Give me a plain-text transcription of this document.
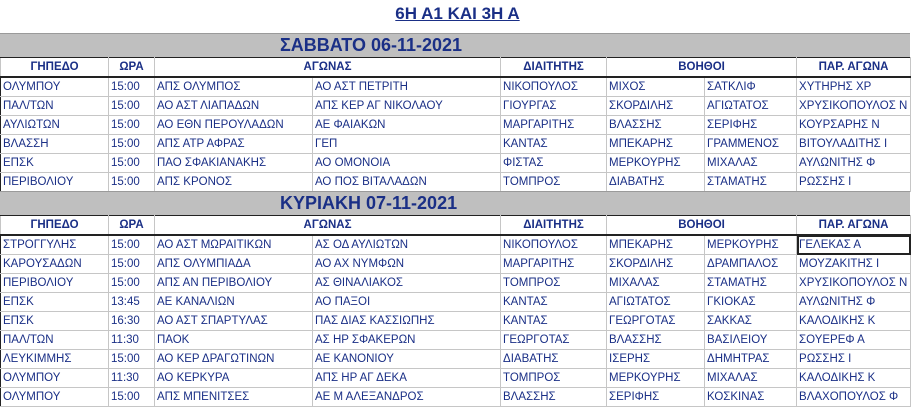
6Η Α1 ΚΑΙ 3Η Α
ΣΑΒΒΑΤΟ 06-11-2021
ΓΗΠΕΔΟ	ΩΡΑ	ΑΓΩΝΑΣ		ΔΙΑΙΤΗΤΗΣ	ΒΟΗΘΟΙ		ΠΑΡ. ΑΓΩΝΑ
ΟΛΥΜΠΟΥ	15:00	ΑΠΣ ΟΛΥΜΠΟΣ	ΑΟ ΑΣΤ ΠΕΤΡΙΤΗ	ΝΙΚΟΠΟΥΛΟΣ	ΜΙΧΟΣ	ΣΑΤΚΛΙΦ	ΧΥΤΗΡΗΣ ΧΡ
ΠΑΛ/ΤΩΝ	15:00	ΑΟ ΑΣΤ ΛΙΑΠΑΔΩΝ	ΑΠΣ ΚΕΡ ΑΓ ΝΙΚΟΛΑΟΥ	ΓΙΟΥΡΓΑΣ	ΣΚΟΡΔΙΛΗΣ	ΑΓΙΩΤΑΤΟΣ	ΧΡΥΣΙΚΟΠΟΥΛΟΣ Ν
ΑΥΛΙΩΤΩΝ	15:00	ΑΟ ΕΘΝ ΠΕΡΟΥΛΑΔΩΝ	ΑΕ ΦΑΙΑΚΩΝ	ΜΑΡΓΑΡΙΤΗΣ	ΒΛΑΣΣΗΣ	ΣΕΡΙΦΗΣ	ΚΟΥΡΣΑΡΗΣ Ν
ΒΛΑΣΣΗ	15:00	ΑΠΣ ΑΤΡ ΑΦΡΑΣ	ΓΕΠ	ΚΑΝΤΑΣ	ΜΠΕΚΑΡΗΣ	ΓΡΑΜΜΕΝΟΣ	ΒΙΤΟΥΛΑΔΙΤΗΣ Ι
ΕΠΣΚ	15:00	ΠΑΟ ΣΦΑΚΙΑΝΑΚΗΣ	ΑΟ ΟΜΟΝΟΙΑ	ΦΙΣΤΑΣ	ΜΕΡΚΟΥΡΗΣ	ΜΙΧΑΛΑΣ	ΑΥΛΩΝΙΤΗΣ Φ
ΠΕΡΙΒΟΛΙΟΥ	15:00	ΑΠΣ ΚΡΟΝΟΣ	ΑΟ ΠΟΣ ΒΙΤΑΛΑΔΩΝ	ΤΟΜΠΡΟΣ	ΔΙΑΒΑΤΗΣ	ΣΤΑΜΑΤΗΣ	ΡΩΣΣΗΣ Ι
ΚΥΡΙΑΚΗ 07-11-2021
ΓΗΠΕΔΟ	ΩΡΑ	ΑΓΩΝΑΣ		ΔΙΑΙΤΗΤΗΣ	ΒΟΗΘΟΙ		ΠΑΡ. ΑΓΩΝΑ
ΣΤΡΟΓΓΥΛΗΣ	15:00	ΑΟ ΑΣΤ ΜΩΡΑΙΤΙΚΩΝ	ΑΣ ΟΔ ΑΥΛΙΩΤΩΝ	ΝΙΚΟΠΟΥΛΟΣ	ΜΠΕΚΑΡΗΣ	ΜΕΡΚΟΥΡΗΣ	ΓΕΛΕΚΑΣ Α
ΚΑΡΟΥΣΑΔΩΝ	15:00	ΑΠΣ ΟΛΥΜΠΙΑΔΑ	ΑΟ ΑΧ ΝΥΜΦΩΝ	ΜΑΡΓΑΡΙΤΗΣ	ΣΚΟΡΔΙΛΗΣ	ΔΡΑΜΠΑΛΟΣ	ΜΟΥΖΑΚΙΤΗΣ Ι
ΠΕΡΙΒΟΛΙΟΥ	15:00	ΑΠΣ ΑΝ ΠΕΡΙΒΟΛΙΟΥ	ΑΣ ΘΙΝΑΛΙΑΚΟΣ	ΤΟΜΠΡΟΣ	ΜΙΧΑΛΑΣ	ΣΤΑΜΑΤΗΣ	ΧΡΥΣΙΚΟΠΟΥΛΟΣ Ν
ΕΠΣΚ	13:45	ΑΕ ΚΑΝΑΛΙΩΝ	ΑΟ ΠΑΞΟΙ	ΚΑΝΤΑΣ	ΑΓΙΩΤΑΤΟΣ	ΓΚΙΟΚΑΣ	ΑΥΛΩΝΙΤΗΣ Φ
ΕΠΣΚ	16:30	ΑΟ ΑΣΤ ΣΠΑΡΤΥΛΑΣ	ΠΑΣ ΔΙΑΣ ΚΑΣΣΙΩΠΗΣ	ΚΑΝΤΑΣ	ΓΕΩΡΓΟΤΑΣ	ΣΑΚΚΑΣ	ΚΑΛΟΔΙΚΗΣ Κ
ΠΑΛ/ΤΩΝ	11:30	ΠΑΟΚ	ΑΣ ΗΡ ΣΦΑΚΕΡΩΝ	ΓΕΩΡΓΟΤΑΣ	ΒΛΑΣΣΗΣ	ΒΑΣΙΛΕΙΟΥ	ΣΟΥΕΡΕΦ Α
ΛΕΥΚΙΜΜΗΣ	15:00	ΑΟ ΚΕΡ ΔΡΑΓΩΤΙΝΩΝ	ΑΕ ΚΑΝΟΝΙΟΥ	ΔΙΑΒΑΤΗΣ	ΙΣΕΡΗΣ	ΔΗΜΗΤΡΑΣ	ΡΩΣΣΗΣ Ι
ΟΛΥΜΠΟΥ	11:30	ΑΟ ΚΕΡΚΥΡΑ	ΑΠΣ ΗΡ ΑΓ ΔΕΚΑ	ΤΟΜΠΡΟΣ	ΜΕΡΚΟΥΡΗΣ	ΜΙΧΑΛΑΣ	ΚΑΛΟΔΙΚΗΣ Κ
ΟΛΥΜΠΟΥ	15:00	ΑΠΣ ΜΠΕΝΙΤΣΕΣ	ΑΕ Μ ΑΛΕΞΑΝΔΡΟΣ	ΒΛΑΣΣΗΣ	ΣΕΡΙΦΗΣ	ΚΟΣΚΙΝΑΣ	ΒΛΑΧΟΠΟΥΛΟΣ Φ
